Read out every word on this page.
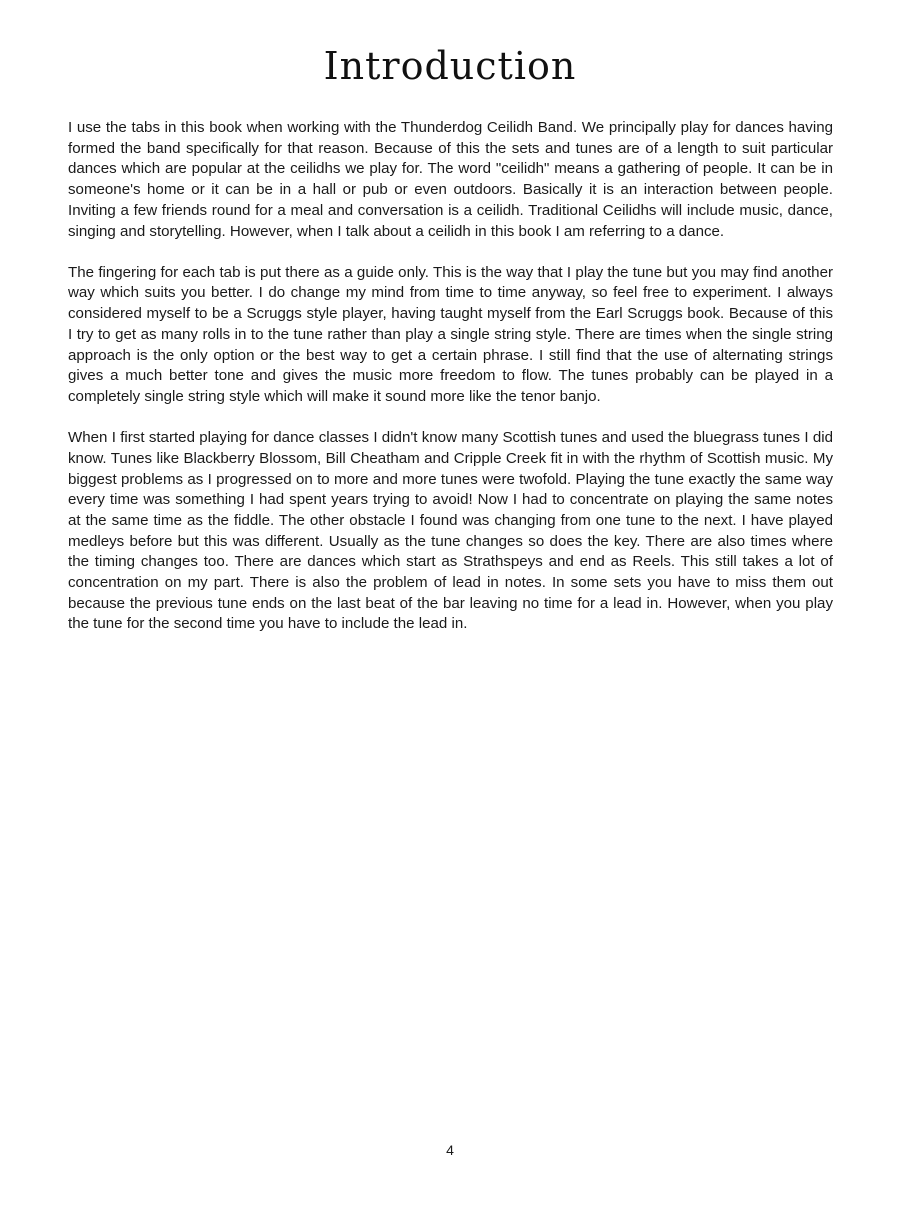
Introduction

I use the tabs in this book when working with the Thunderdog Ceilidh Band. We principally play for dances having formed the band specifically for that reason. Because of this the sets and tunes are of a length to suit particular dances which are popular at the ceilidhs we play for. The word "ceilidh" means a gathering of people. It can be in someone's home or it can be in a hall or pub or even outdoors. Basically it is an interaction between people. Inviting a few friends round for a meal and conversation is a ceilidh. Traditional Ceilidhs will include music, dance, singing and storytelling. However, when I talk about a ceilidh in this book I am referring to a dance.

The fingering for each tab is put there as a guide only. This is the way that I play the tune but you may find another way which suits you better. I do change my mind from time to time anyway, so feel free to experiment. I always considered myself to be a Scruggs style player, having taught myself from the Earl Scruggs book. Because of this I try to get as many rolls in to the tune rather than play a single string style. There are times when the single string approach is the only option or the best way to get a certain phrase. I still find that the use of alternating strings gives a much better tone and gives the music more freedom to flow. The tunes probably can be played in a completely single string style which will make it sound more like the tenor banjo.

When I first started playing for dance classes I didn't know many Scottish tunes and used the bluegrass tunes I did know. Tunes like Blackberry Blossom, Bill Cheatham and Cripple Creek fit in with the rhythm of Scottish music. My biggest problems as I progressed on to more and more tunes were twofold. Playing the tune exactly the same way every time was something I had spent years trying to avoid! Now I had to concentrate on playing the same notes at the same time as the fiddle. The other obstacle I found was changing from one tune to the next. I have played medleys before but this was different. Usually as the tune changes so does the key. There are also times where the timing changes too. There are dances which start as Strathspeys and end as Reels. This still takes a lot of concentration on my part. There is also the problem of lead in notes. In some sets you have to miss them out because the previous tune ends on the last beat of the bar leaving no time for a lead in. However, when you play the tune for the second time you have to include the lead in.

4
